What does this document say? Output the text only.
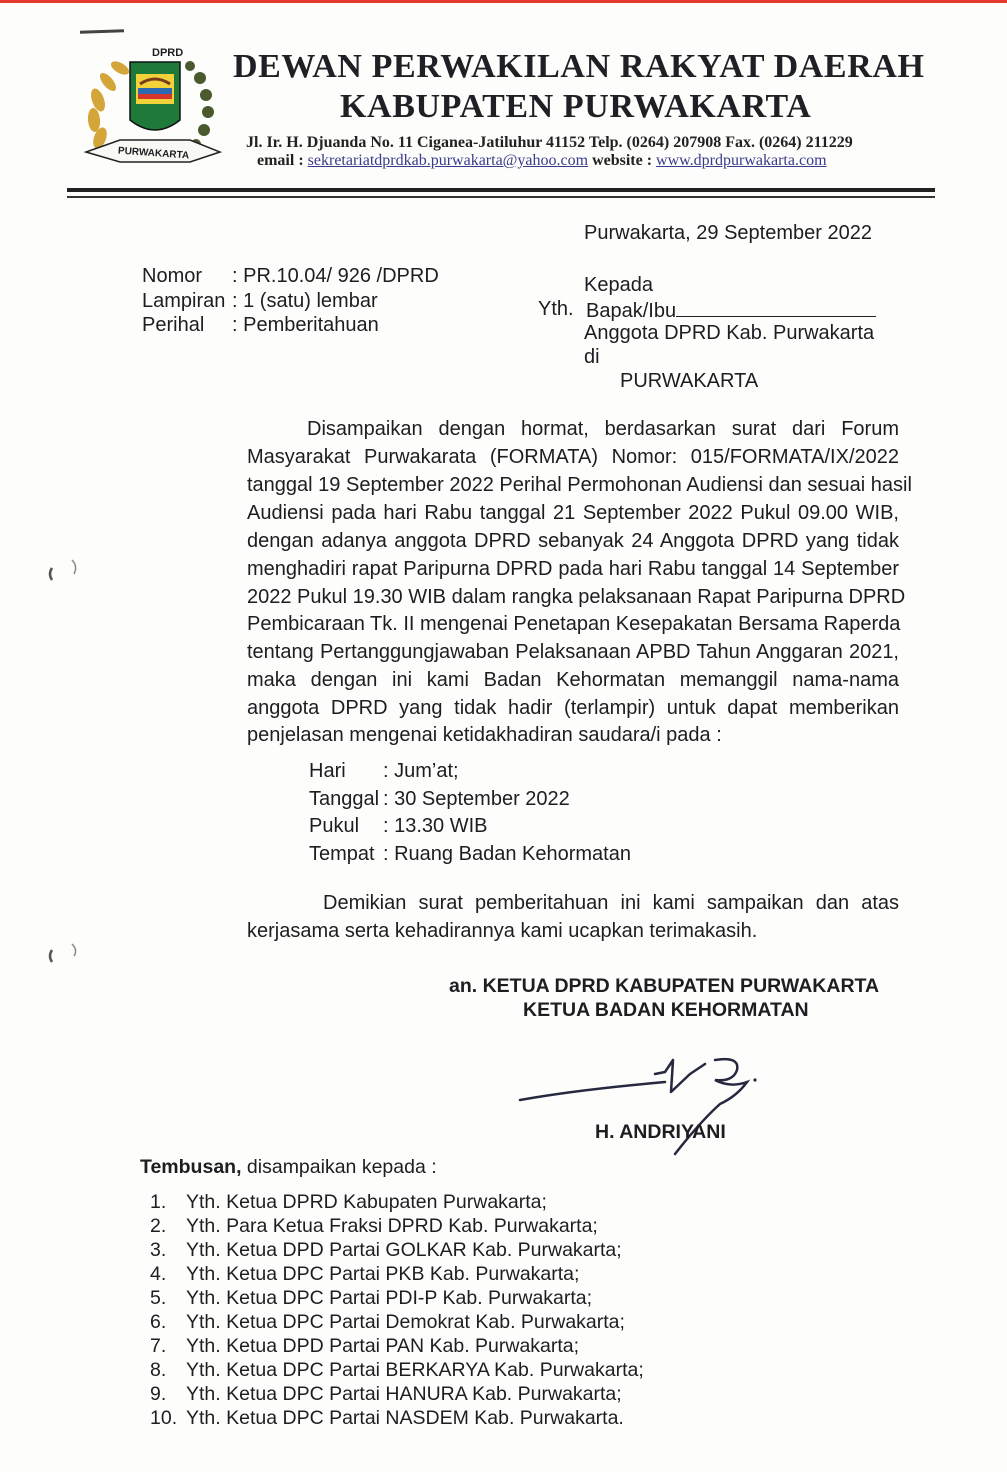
DPRD
PURWAKARTA
DEWAN PERWAKILAN RAKYAT DAERAH
KABUPATEN PURWAKARTA
Jl. Ir. H. Djuanda No. 11 Ciganea-Jatiluhur 41152 Telp. (0264) 207908 Fax. (0264) 211229
email : sekretariatdprdkab.purwakarta@yahoo.com website : www.dprdpurwakarta.com
Purwakarta, 29 September 2022
Nomor : PR.10.04/ 926 /DPRD
Lampiran : 1 (satu) lembar
Perihal : Pemberitahuan
Kepada
Yth. Bapak/Ibu
Anggota DPRD Kab. Purwakarta
di
PURWAKARTA
Disampaikan dengan hormat, berdasarkan surat dari Forum
Masyarakat Purwakarata (FORMATA) Nomor: 015/FORMATA/IX/2022
tanggal 19 September 2022 Perihal Permohonan Audiensi dan sesuai hasil
Audiensi pada hari Rabu tanggal 21 September 2022 Pukul 09.00 WIB,
dengan adanya anggota DPRD sebanyak 24 Anggota DPRD yang tidak
menghadiri rapat Paripurna DPRD pada hari Rabu tanggal 14 September
2022 Pukul 19.30 WIB dalam rangka pelaksanaan Rapat Paripurna DPRD
Pembicaraan Tk. II mengenai Penetapan Kesepakatan Bersama Raperda
tentang Pertanggungjawaban Pelaksanaan APBD Tahun Anggaran 2021,
maka dengan ini kami Badan Kehormatan memanggil nama-nama
anggota DPRD yang tidak hadir (terlampir) untuk dapat memberikan
penjelasan mengenai ketidakhadiran saudara/i pada :
Hari : Jum’at;
Tanggal : 30 September 2022
Pukul : 13.30 WIB
Tempat : Ruang Badan Kehormatan
Demikian surat pemberitahuan ini kami sampaikan dan atas
kerjasama serta kehadirannya kami ucapkan terimakasih.
an. KETUA DPRD KABUPATEN PURWAKARTA
KETUA BADAN KEHORMATAN
H. ANDRIYANI
Tembusan, disampaikan kepada :
1. Yth. Ketua DPRD Kabupaten Purwakarta;
2. Yth. Para Ketua Fraksi DPRD Kab. Purwakarta;
3. Yth. Ketua DPD Partai GOLKAR Kab. Purwakarta;
4. Yth. Ketua DPC Partai PKB Kab. Purwakarta;
5. Yth. Ketua DPC Partai PDI-P Kab. Purwakarta;
6. Yth. Ketua DPC Partai Demokrat Kab. Purwakarta;
7. Yth. Ketua DPD Partai PAN Kab. Purwakarta;
8. Yth. Ketua DPC Partai BERKARYA Kab. Purwakarta;
9. Yth. Ketua DPC Partai HANURA Kab. Purwakarta;
10. Yth. Ketua DPC Partai NASDEM Kab. Purwakarta.
